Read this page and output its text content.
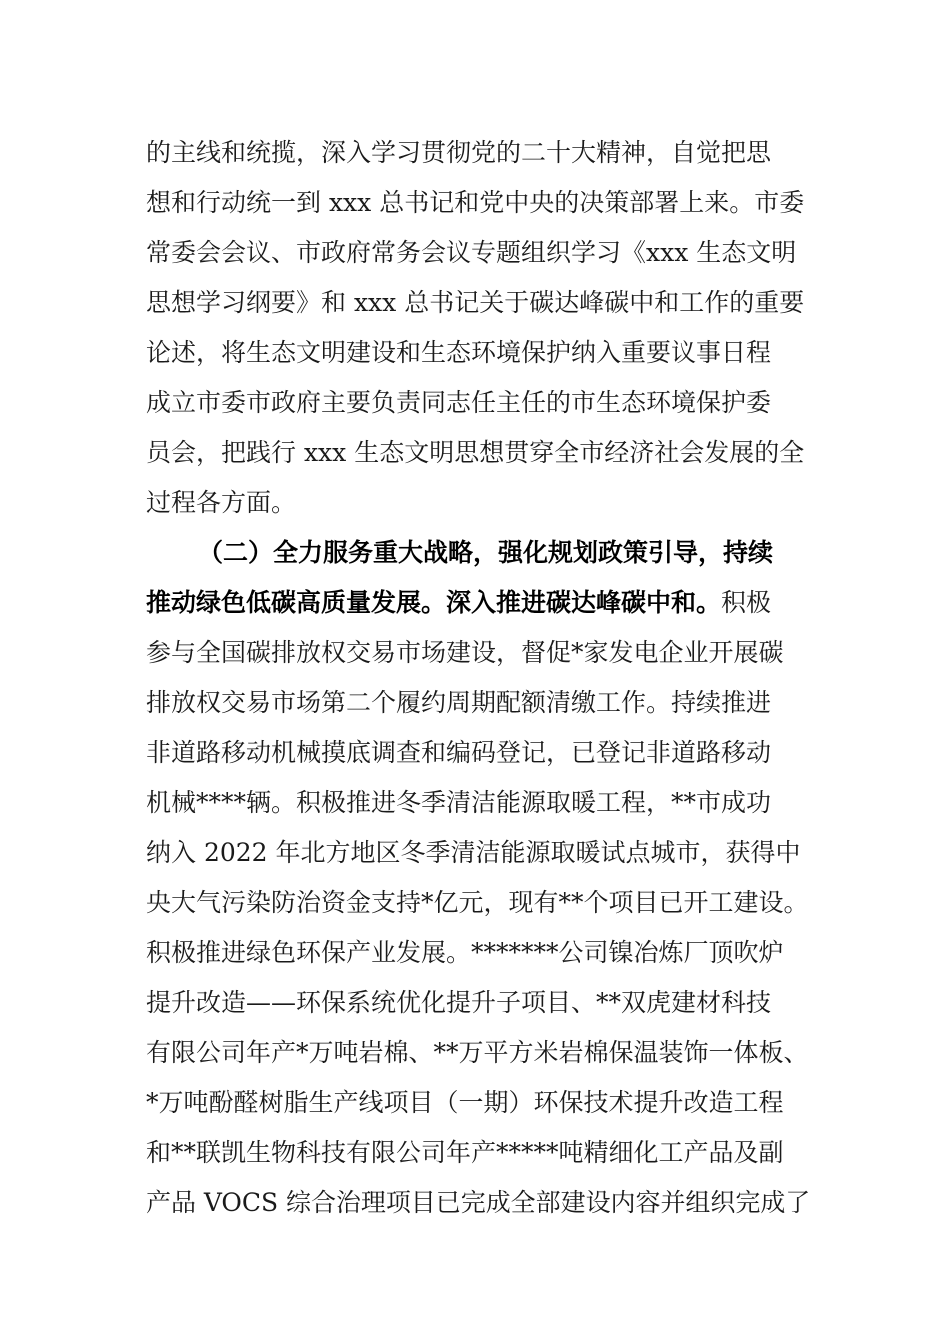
的主线和统揽，深入学习贯彻党的二十大精神，自觉把思
想和行动统一到 xxx 总书记和党中央的决策部署上来。市委
常委会会议、市政府常务会议专题组织学习《xxx 生态文明
思想学习纲要》和 xxx 总书记关于碳达峰碳中和工作的重要
论述，将生态文明建设和生态环境保护纳入重要议事日程
成立市委市政府主要负责同志任主任的市生态环境保护委
员会，把践行 xxx 生态文明思想贯穿全市经济社会发展的全
过程各方面。
（二）全力服务重大战略，强化规划政策引导，持续
推动绿色低碳高质量发展。深入推进碳达峰碳中和。积极
参与全国碳排放权交易市场建设，督促*家发电企业开展碳
排放权交易市场第二个履约周期配额清缴工作。持续推进
非道路移动机械摸底调查和编码登记，已登记非道路移动
机械****辆。积极推进冬季清洁能源取暖工程，**市成功
纳入 2022 年北方地区冬季清洁能源取暖试点城市，获得中
央大气污染防治资金支持*亿元，现有**个项目已开工建设。
积极推进绿色环保产业发展。*******公司镍冶炼厂顶吹炉
提升改造——环保系统优化提升子项目、**双虎建材科技
有限公司年产*万吨岩棉、**万平方米岩棉保温装饰一体板、
*万吨酚醛树脂生产线项目（一期）环保技术提升改造工程
和**联凯生物科技有限公司年产*****吨精细化工产品及副
产品 VOCS 综合治理项目已完成全部建设内容并组织完成了
